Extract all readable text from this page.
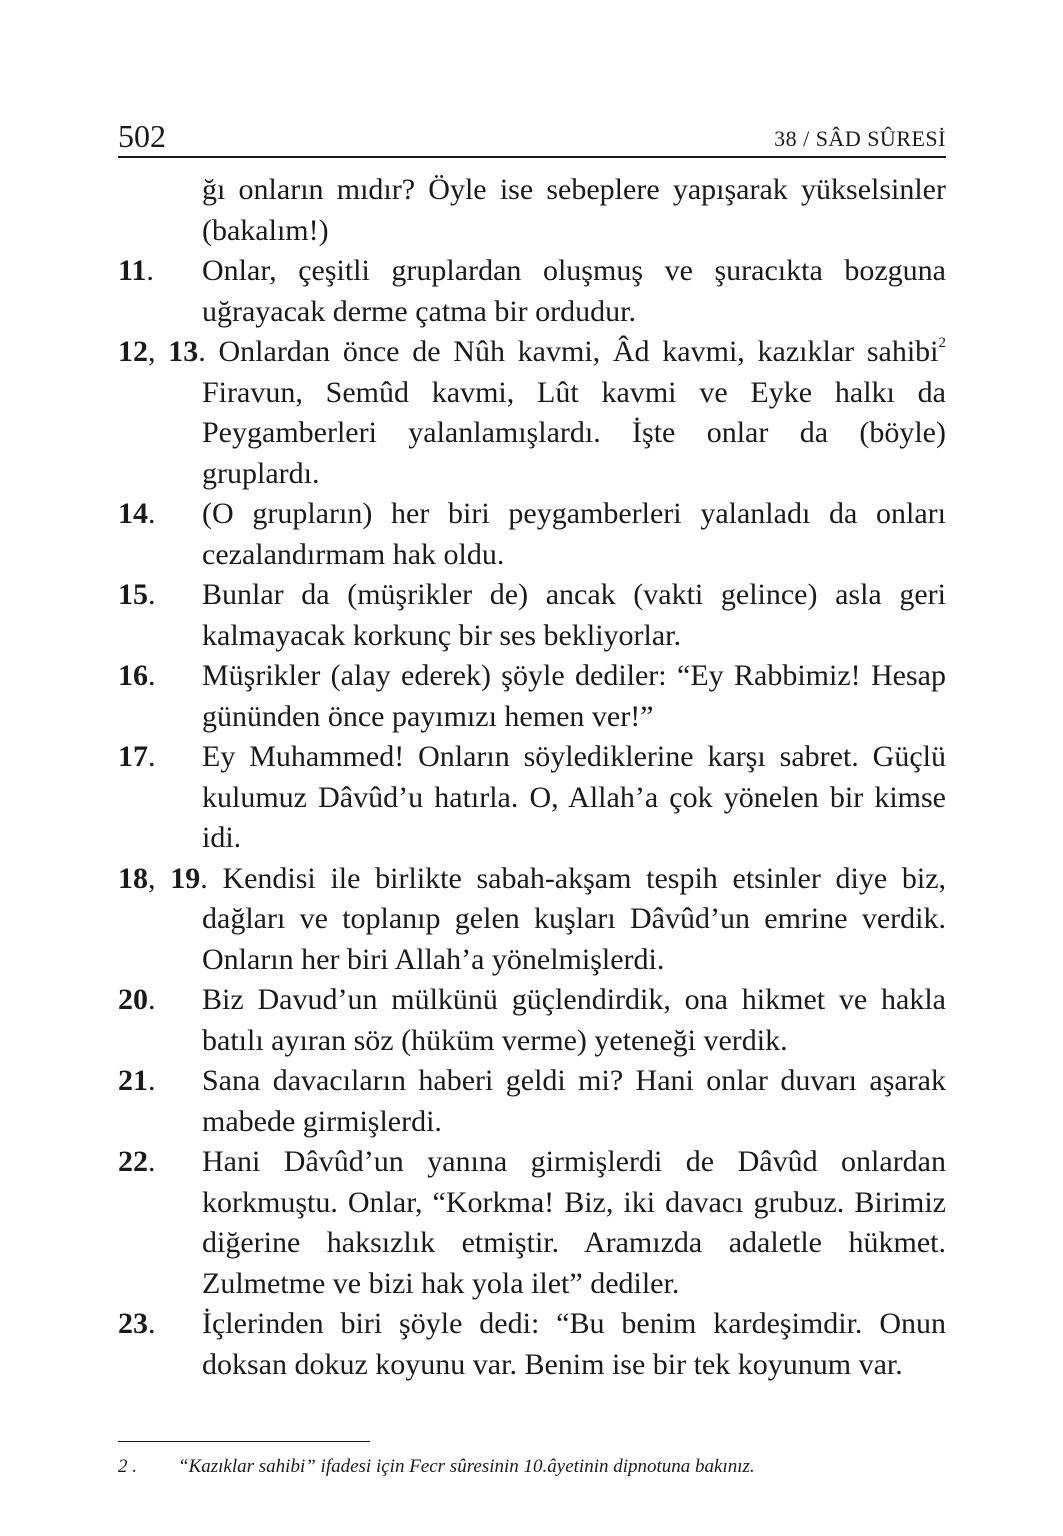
502	38 / SÂD SÛRESİ
ğı onların mıdır? Öyle ise sebeplere yapışarak yükselsinler (bakalım!)
11. Onlar, çeşitli gruplardan oluşmuş ve şuracıkta bozguna uğrayacak derme çatma bir ordudur.
12, 13. Onlardan önce de Nûh kavmi, Âd kavmi, kazıklar sahibi$^2$ Firavun, Semûd kavmi, Lût kavmi ve Eyke halkı da Peygamberleri yalanlamışlardı. İşte onlar da (böyle) gruplardı.
14. (O grupların) her biri peygamberleri yalanladı da onları cezalandırmam hak oldu.
15. Bunlar da (müşrikler de) ancak (vakti gelince) asla geri kalmayacak korkunç bir ses bekliyorlar.
16. Müşrikler (alay ederek) şöyle dediler: “Ey Rabbimiz! Hesap gününden önce payımızı hemen ver!”
17. Ey Muhammed! Onların söylediklerine karşı sabret. Güçlü kulumuz Dâvûd’u hatırla. O, Allah’a çok yönelen bir kimse idi.
18, 19. Kendisi ile birlikte sabah-akşam tespih etsinler diye biz, dağları ve toplanıp gelen kuşları Dâvûd’un emrine verdik. Onların her biri Allah’a yönelmişlerdi.
20. Biz Davud’un mülkünü güçlendirdik, ona hikmet ve hakla batılı ayıran söz (hüküm verme) yeteneği verdik.
21. Sana davacıların haberi geldi mi? Hani onlar duvarı aşarak mabede girmişlerdi.
22. Hani Dâvûd’un yanına girmişlerdi de Dâvûd onlardan korkmuştu. Onlar, “Korkma! Biz, iki davacı grubuz. Birimiz diğerine haksızlık etmiştir. Aramızda adaletle hükmet. Zulmetme ve bizi hak yola ilet” dediler.
23. İçlerinden biri şöyle dedi: “Bu benim kardeşimdir. Onun doksan dokuz koyunu var. Benim ise bir tek koyunum var.
2 . “Kazıklar sahibi” ifadesi için Fecr sûresinin 10.âyetinin dipnotuna bakınız.
